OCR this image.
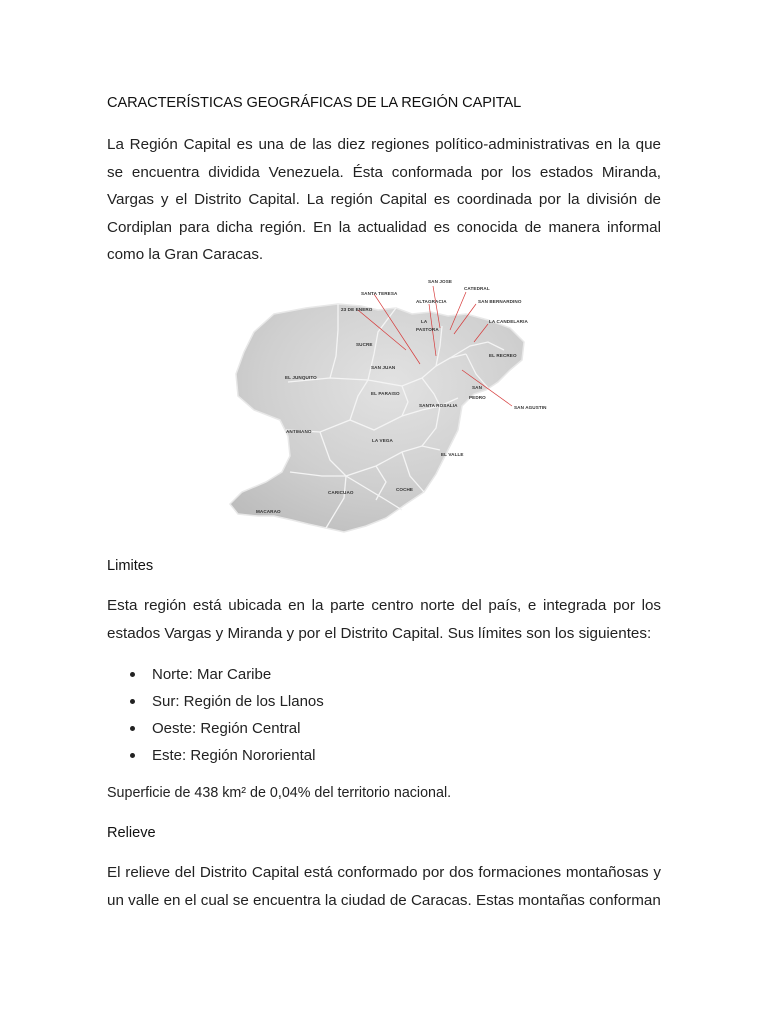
CARACTERÍSTICAS GEOGRÁFICAS DE LA REGIÓN CAPITAL

La Región Capital es una de las diez regiones político-administrativas en la que se encuentra dividida Venezuela. Ésta conformada por los estados Miranda, Vargas y el Distrito Capital. La región Capital es coordinada por la división de Cordiplan para dicha región. En la actualidad es conocida de manera informal como la Gran Caracas.

Limites

Esta región está ubicada en la parte centro norte del país, e integrada por los estados Vargas y Miranda y por el Distrito Capital. Sus límites son los siguientes:

Norte: Mar Caribe
Sur: Región de los Llanos
Oeste: Región Central
Este: Región Nororiental

Superficie de 438 km² de 0,04% del territorio nacional.

Relieve

El relieve del Distrito Capital está conformado por dos formaciones montañosas y un valle en el cual se encuentra la ciudad de Caracas. Estas montañas conforman

SAN JOSE
SANTA TERESA
CATEDRAL
ALTAGRACIA	SAN BERNARDINO
23 DE ENERO
LA
PASTORA
LA CANDELARIA
SUCRE
EL RECREO
SAN JUAN
EL JUNQUITO
SAN
PEDRO
EL PARAISO
SANTA ROSALIA	SAN AGUSTIN
ANTIMANO
LA VEGA
EL VALLE
CARICUAO
COCHE
MACARAO
